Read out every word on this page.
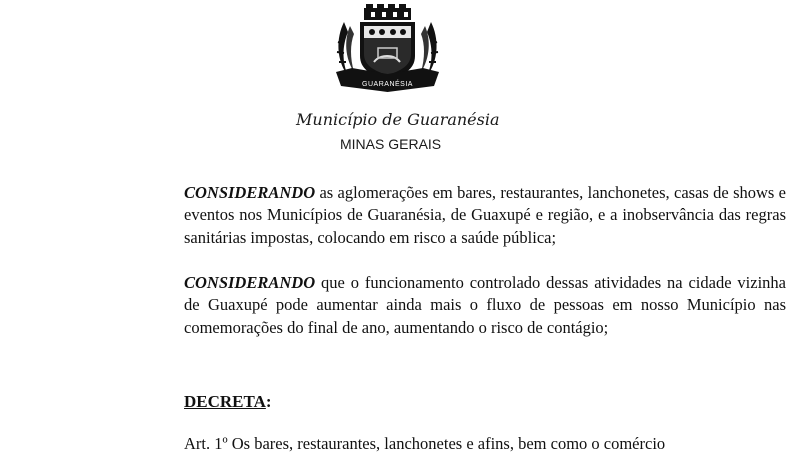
GUARANÉSIA
Município de Guaranésia
MINAS GERAIS

CONSIDERANDO as aglomerações em bares, restaurantes, lanchonetes, casas de shows e eventos nos Municípios de Guaranésia, de Guaxupé e região, e a inobservância das regras sanitárias impostas, colocando em risco a saúde pública;

CONSIDERANDO que o funcionamento controlado dessas atividades na cidade vizinha de Guaxupé pode aumentar ainda mais o fluxo de pessoas em nosso Município nas comemorações do final de ano, aumentando o risco de contágio;

DECRETA:
Art. 1º Os bares, restaurantes, lanchonetes e afins, bem como o comércio
